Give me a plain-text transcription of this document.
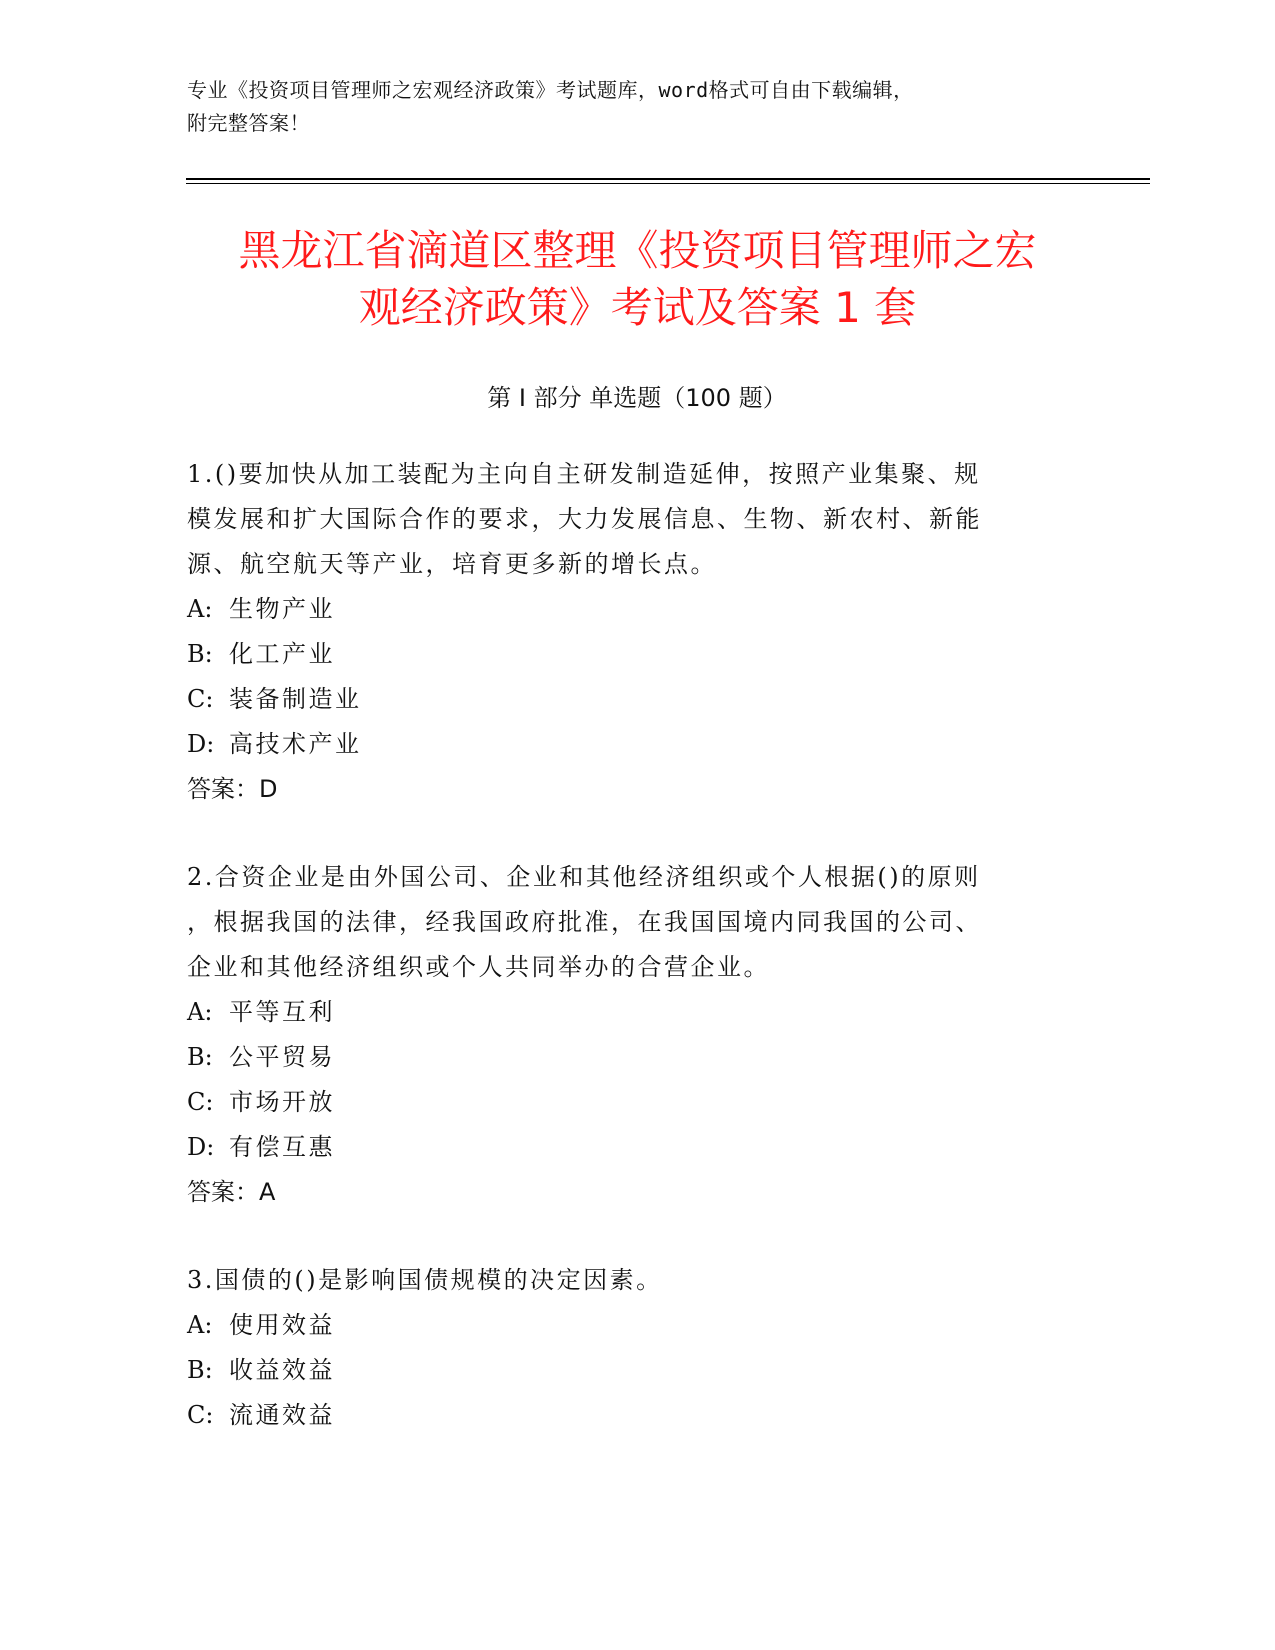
专业《投资项目管理师之宏观经济政策》考试题库，word格式可自由下载编辑，
附完整答案！
黑龙江省滴道区整理《投资项目管理师之宏
观经济政策》考试及答案 1 套
第 I 部分 单选题（100 题）

1.()要加快从加工装配为主向自主研发制造延伸，按照产业集聚、规

模发展和扩大国际合作的要求，大力发展信息、生物、新农村、新能

源、航空航天等产业，培育更多新的增长点。

A: 生物产业

B: 化工产业

C: 装备制造业

D: 高技术产业

答案：D

2.合资企业是由外国公司、企业和其他经济组织或个人根据()的原则

，根据我国的法律，经我国政府批准，在我国国境内同我国的公司、

企业和其他经济组织或个人共同举办的合营企业。

A: 平等互利

B: 公平贸易

C: 市场开放

D: 有偿互惠

答案：A

3.国债的()是影响国债规模的决定因素。

A: 使用效益

B: 收益效益

C: 流通效益
